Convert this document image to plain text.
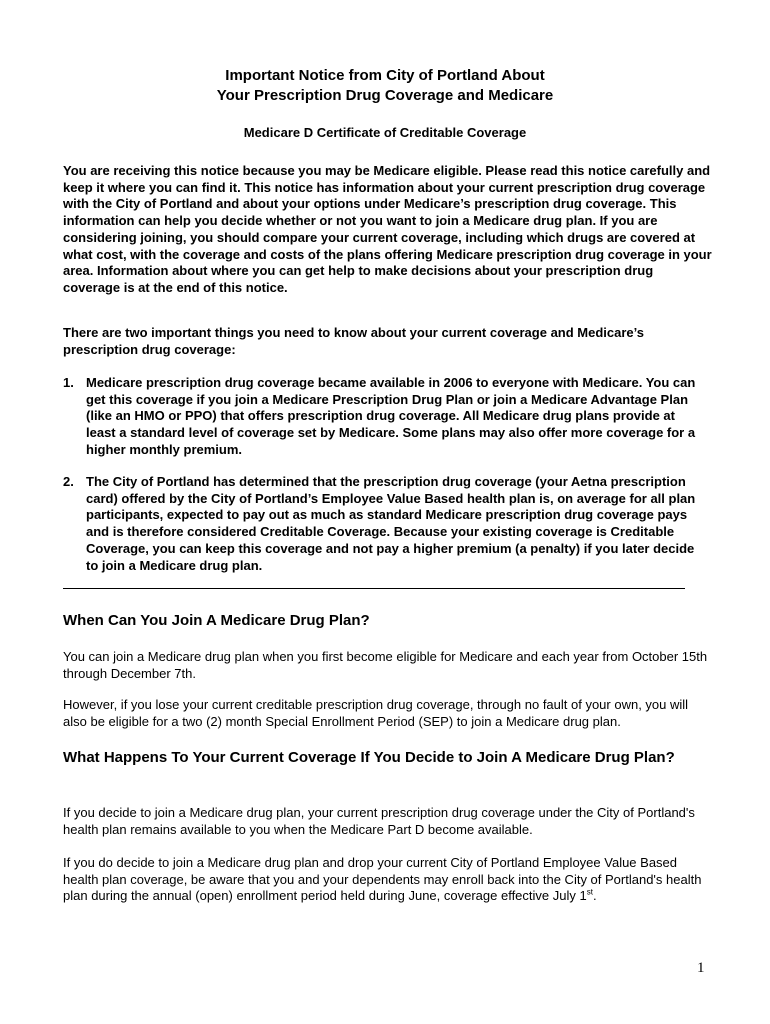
Important Notice from City of Portland About
Your Prescription Drug Coverage and Medicare
Medicare D Certificate of Creditable Coverage

You are receiving this notice because you may be Medicare eligible. Please read this notice carefully and keep it where you can find it. This notice has information about your current prescription drug coverage with the City of Portland and about your options under Medicare’s prescription drug coverage. This information can help you decide whether or not you want to join a Medicare drug plan. If you are considering joining, you should compare your current coverage, including which drugs are covered at what cost, with the coverage and costs of the plans offering Medicare prescription drug coverage in your area. Information about where you can get help to make decisions about your prescription drug coverage is at the end of this notice.

There are two important things you need to know about your current coverage and Medicare’s prescription drug coverage:

1. Medicare prescription drug coverage became available in 2006 to everyone with Medicare. You can get this coverage if you join a Medicare Prescription Drug Plan or join a Medicare Advantage Plan (like an HMO or PPO) that offers prescription drug coverage. All Medicare drug plans provide at least a standard level of coverage set by Medicare. Some plans may also offer more coverage for a higher monthly premium.

2. The City of Portland has determined that the prescription drug coverage (your Aetna prescription card) offered by the City of Portland’s Employee Value Based health plan is, on average for all plan participants, expected to pay out as much as standard Medicare prescription drug coverage pays and is therefore considered Creditable Coverage. Because your existing coverage is Creditable Coverage, you can keep this coverage and not pay a higher premium (a penalty) if you later decide to join a Medicare drug plan.

When Can You Join A Medicare Drug Plan?

You can join a Medicare drug plan when you first become eligible for Medicare and each year from October 15th through December 7th.

However, if you lose your current creditable prescription drug coverage, through no fault of your own, you will also be eligible for a two (2) month Special Enrollment Period (SEP) to join a Medicare drug plan.

What Happens To Your Current Coverage If You Decide to Join A Medicare Drug Plan?

If you decide to join a Medicare drug plan, your current prescription drug coverage under the City of Portland's health plan remains available to you when the Medicare Part D become available.

If you do decide to join a Medicare drug plan and drop your current City of Portland Employee Value Based health plan coverage, be aware that you and your dependents may enroll back into the City of Portland's health plan during the annual (open) enrollment period held during June, coverage effective July 1st.

1
